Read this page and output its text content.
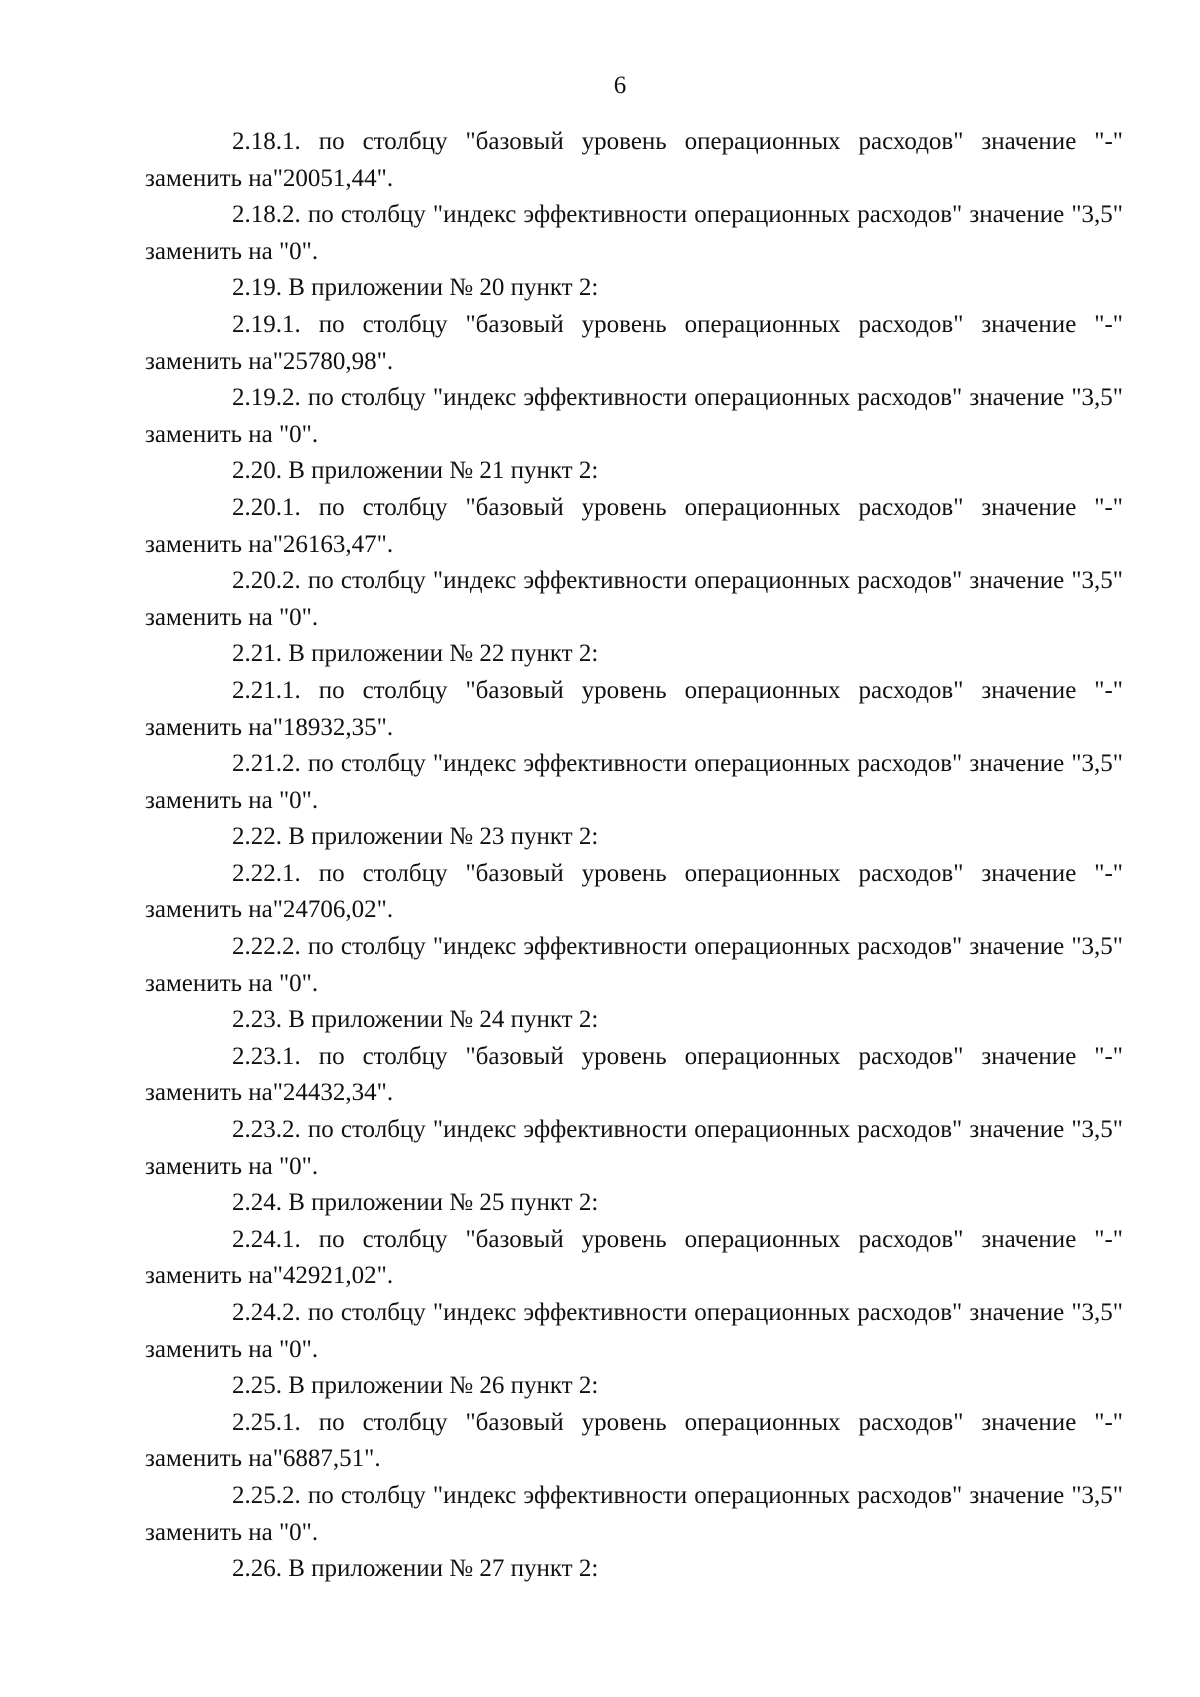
6

2.18.1. по столбцу "базовый уровень операционных расходов" значение "-" заменить на"20051,44".

2.18.2. по столбцу "индекс эффективности операционных расходов" значение "3,5" заменить на "0".

2.19. В приложении № 20 пункт 2:

2.19.1. по столбцу "базовый уровень операционных расходов" значение "-" заменить на"25780,98".

2.19.2. по столбцу "индекс эффективности операционных расходов" значение "3,5" заменить на "0".

2.20. В приложении № 21 пункт 2:

2.20.1. по столбцу "базовый уровень операционных расходов" значение "-" заменить на"26163,47".

2.20.2. по столбцу "индекс эффективности операционных расходов" значение "3,5" заменить на "0".

2.21. В приложении № 22 пункт 2:

2.21.1. по столбцу "базовый уровень операционных расходов" значение "-" заменить на"18932,35".

2.21.2. по столбцу "индекс эффективности операционных расходов" значение "3,5" заменить на "0".

2.22. В приложении № 23 пункт 2:

2.22.1. по столбцу "базовый уровень операционных расходов" значение "-" заменить на"24706,02".

2.22.2. по столбцу "индекс эффективности операционных расходов" значение "3,5" заменить на "0".

2.23. В приложении № 24 пункт 2:

2.23.1. по столбцу "базовый уровень операционных расходов" значение "-" заменить на"24432,34".

2.23.2. по столбцу "индекс эффективности операционных расходов" значение "3,5" заменить на "0".

2.24. В приложении № 25 пункт 2:

2.24.1. по столбцу "базовый уровень операционных расходов" значение "-" заменить на"42921,02".

2.24.2. по столбцу "индекс эффективности операционных расходов" значение "3,5" заменить на "0".

2.25. В приложении № 26 пункт 2:

2.25.1. по столбцу "базовый уровень операционных расходов" значение "-" заменить на"6887,51".

2.25.2. по столбцу "индекс эффективности операционных расходов" значение "3,5" заменить на "0".

2.26. В приложении № 27 пункт 2:
